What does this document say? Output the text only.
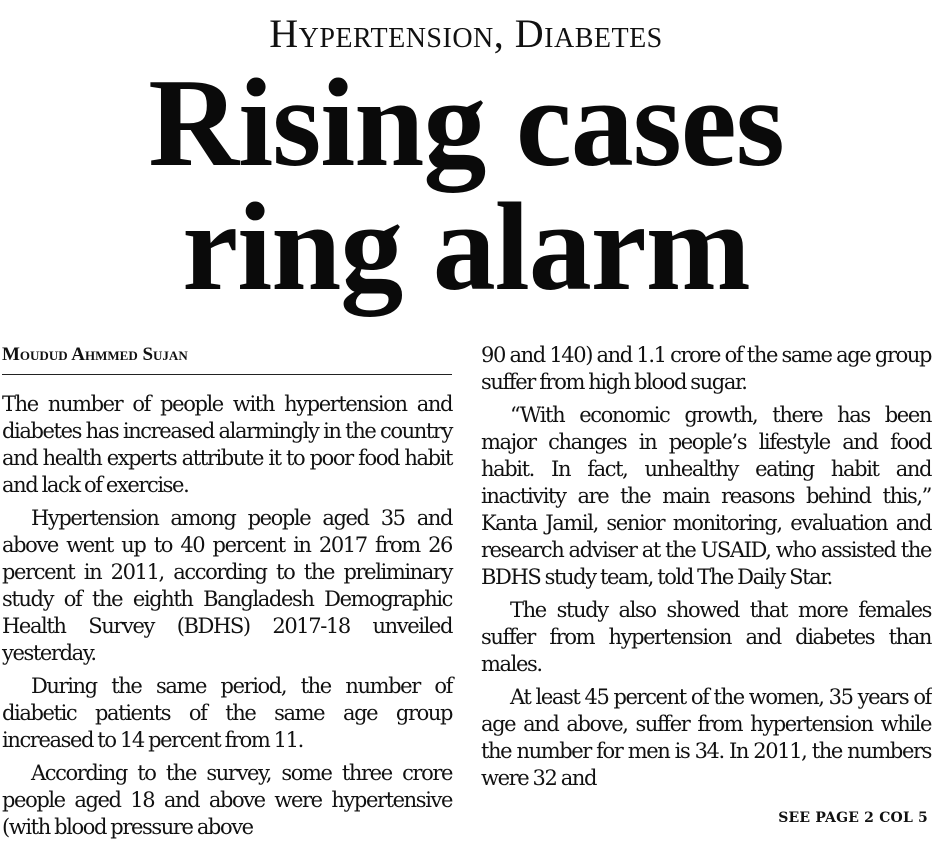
Hypertension, Diabetes
Rising cases
ring alarm
Moudud Ahmmed Sujan

The number of people with hypertension and diabetes has increased alarmingly in the country and health experts attribute it to poor food habit and lack of exercise.

Hypertension among people aged 35 and above went up to 40 percent in 2017 from 26 percent in 2011, according to the preliminary study of the eighth Bangladesh Demographic Health Survey (BDHS) 2017-18 unveiled yesterday.

During the same period, the number of diabetic patients of the same age group increased to 14 percent from 11.

According to the survey, some three crore people aged 18 and above were hypertensive (with blood pressure above

90 and 140) and 1.1 crore of the same age group suffer from high blood sugar.

“With economic growth, there has been major changes in people’s lifestyle and food habit. In fact, unhealthy eating habit and inactivity are the main reasons behind this,” Kanta Jamil, senior monitoring, evaluation and research adviser at the USAID, who assisted the BDHS study team, told The Daily Star.

The study also showed that more females suffer from hypertension and diabetes than males.

At least 45 percent of the women, 35 years of age and above, suffer from hypertension while the number for men is 34. In 2011, the numbers were 32 and

SEE PAGE 2 COL 5
